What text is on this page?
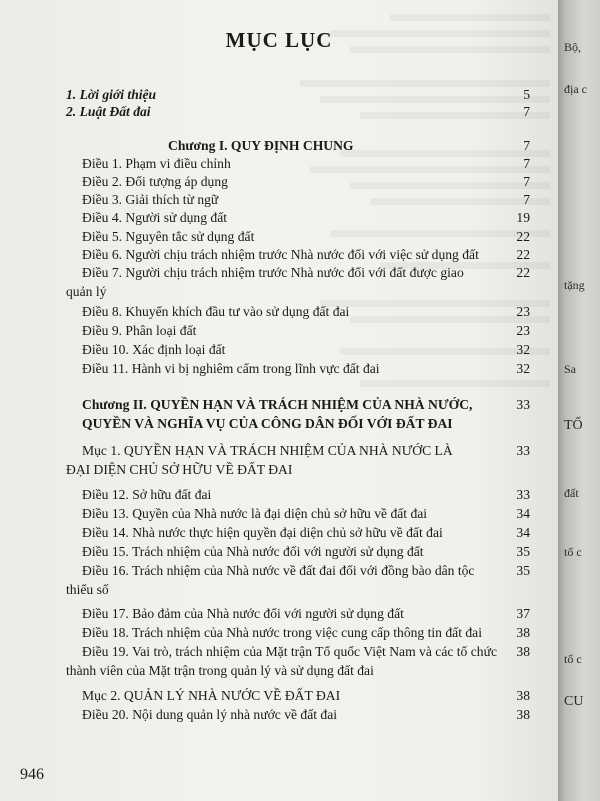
MỤC LỤC
1. Lời giới thiệu	5
2. Luật Đất đai	7
Chương I. QUY ĐỊNH CHUNG	7
Điều 1. Phạm vi điều chỉnh	7
Điều 2. Đối tượng áp dụng	7
Điều 3. Giải thích từ ngữ	7
Điều 4. Người sử dụng đất	19
Điều 5. Nguyên tắc sử dụng đất	22
Điều 6. Người chịu trách nhiệm trước Nhà nước đối với việc sử dụng đất	22
Điều 7. Người chịu trách nhiệm trước Nhà nước đối với đất được giao	22
quản lý
Điều 8. Khuyến khích đầu tư vào sử dụng đất đai	23
Điều 9. Phân loại đất	23
Điều 10. Xác định loại đất	32
Điều 11. Hành vi bị nghiêm cấm trong lĩnh vực đất đai	32
Chương II. QUYỀN HẠN VÀ TRÁCH NHIỆM CỦA NHÀ NƯỚC,	33
QUYỀN VÀ NGHĨA VỤ CỦA CÔNG DÂN ĐỐI VỚI ĐẤT ĐAI
Mục 1. QUYỀN HẠN VÀ TRÁCH NHIỆM CỦA NHÀ NƯỚC LÀ	33
ĐẠI DIỆN CHỦ SỞ HỮU VỀ ĐẤT ĐAI
Điều 12. Sở hữu đất đai	33
Điều 13. Quyền của Nhà nước là đại diện chủ sở hữu về đất đai	34
Điều 14. Nhà nước thực hiện quyền đại diện chủ sở hữu về đất đai	34
Điều 15. Trách nhiệm của Nhà nước đối với người sử dụng đất	35
Điều 16. Trách nhiệm của Nhà nước về đất đai đối với đồng bào dân tộc	35
thiểu số
Điều 17. Bảo đảm của Nhà nước đối với người sử dụng đất	37
Điều 18. Trách nhiệm của Nhà nước trong việc cung cấp thông tin đất đai	38
Điều 19. Vai trò, trách nhiệm của Mặt trận Tổ quốc Việt Nam và các tổ chức 38
thành viên của Mặt trận trong quản lý và sử dụng đất đai
Mục 2. QUẢN LÝ NHÀ NƯỚC VỀ ĐẤT ĐAI	38
Điều 20. Nội dung quản lý nhà nước về đất đai	38
946
Bộ,
địa c
tặng
Sa
TỔ
đất
tổ c
tổ c
CU
